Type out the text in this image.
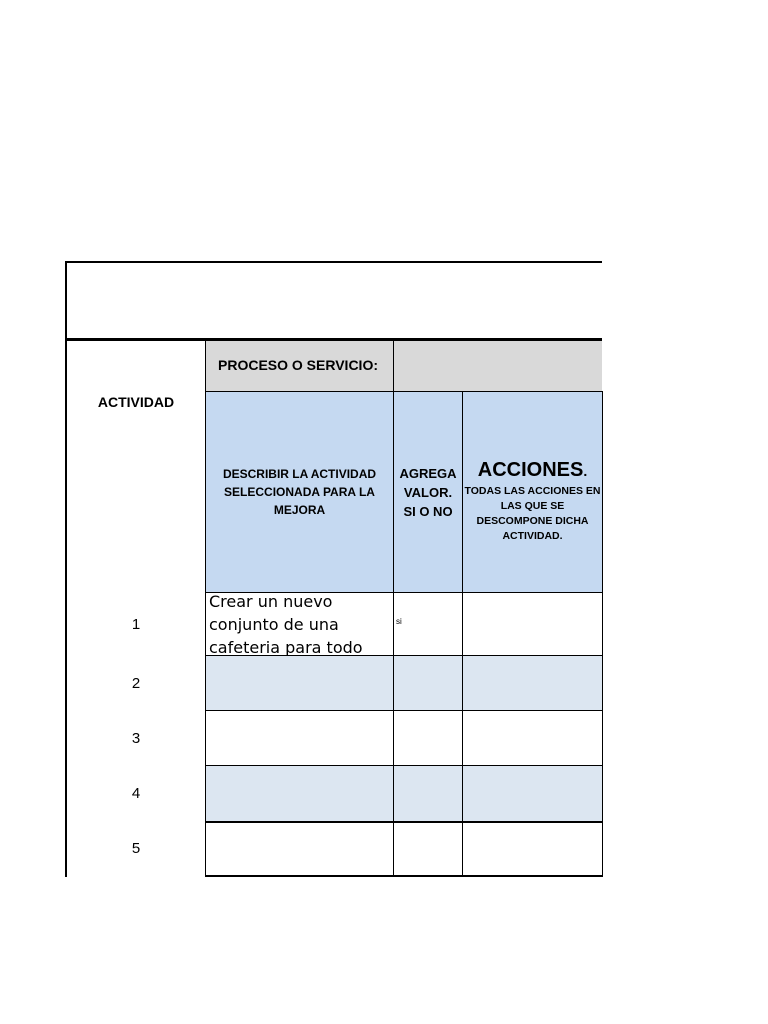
ACTIVIDAD
PROCESO O SERVICIO:
DESCRIBIR LA ACTIVIDAD SELECCIONADA PARA LA MEJORA
AGREGA VALOR. SI O NO
ACCIONES.
TODAS LAS ACCIONES EN LAS QUE SE DESCOMPONE DICHA ACTIVIDAD.
1
Crear un nuevo conjunto de una cafeteria para todo
si
2
3
4
5
